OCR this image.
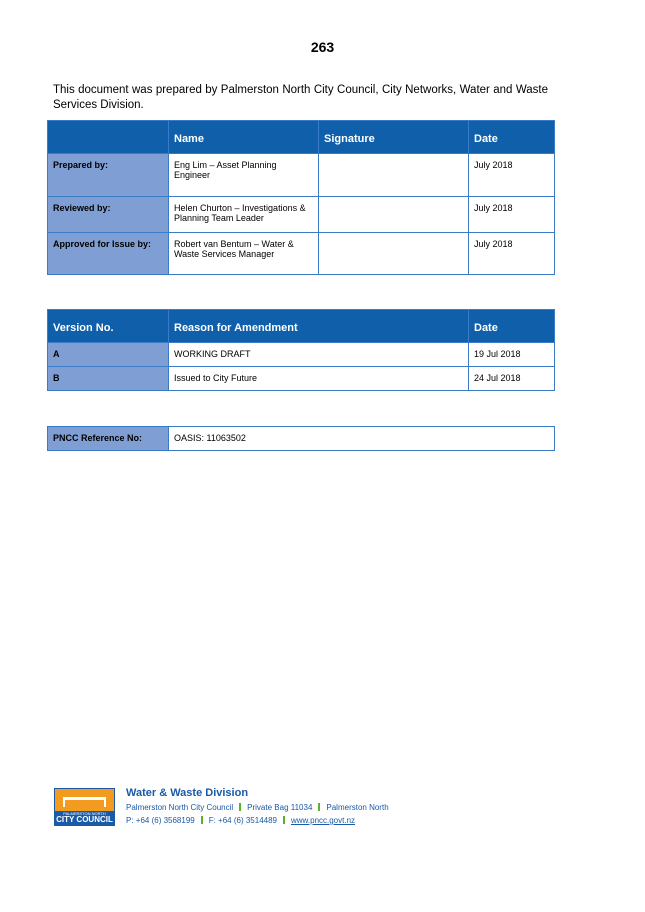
263
This document was prepared by Palmerston North City Council, City Networks, Water and Waste Services Division.
	Name	Signature	Date
Prepared by:	Eng Lim – Asset Planning Engineer		July 2018
Reviewed by:	Helen Churton – Investigations & Planning Team Leader		July 2018
Approved for Issue by:	Robert van Bentum – Water & Waste Services Manager		July 2018
Version No.	Reason for Amendment	Date
A	WORKING DRAFT	19 Jul 2018
B	Issued to City Future	24 Jul 2018
PNCC Reference No:	OASIS: 11063502
PALMERSTON NORTH
CITY COUNCIL
Water & Waste Division
Palmerston North City Council Private Bag 11034 Palmerston North
P: +64 (6) 3568199 F: +64 (6) 3514489 www.pncc.govt.nz
